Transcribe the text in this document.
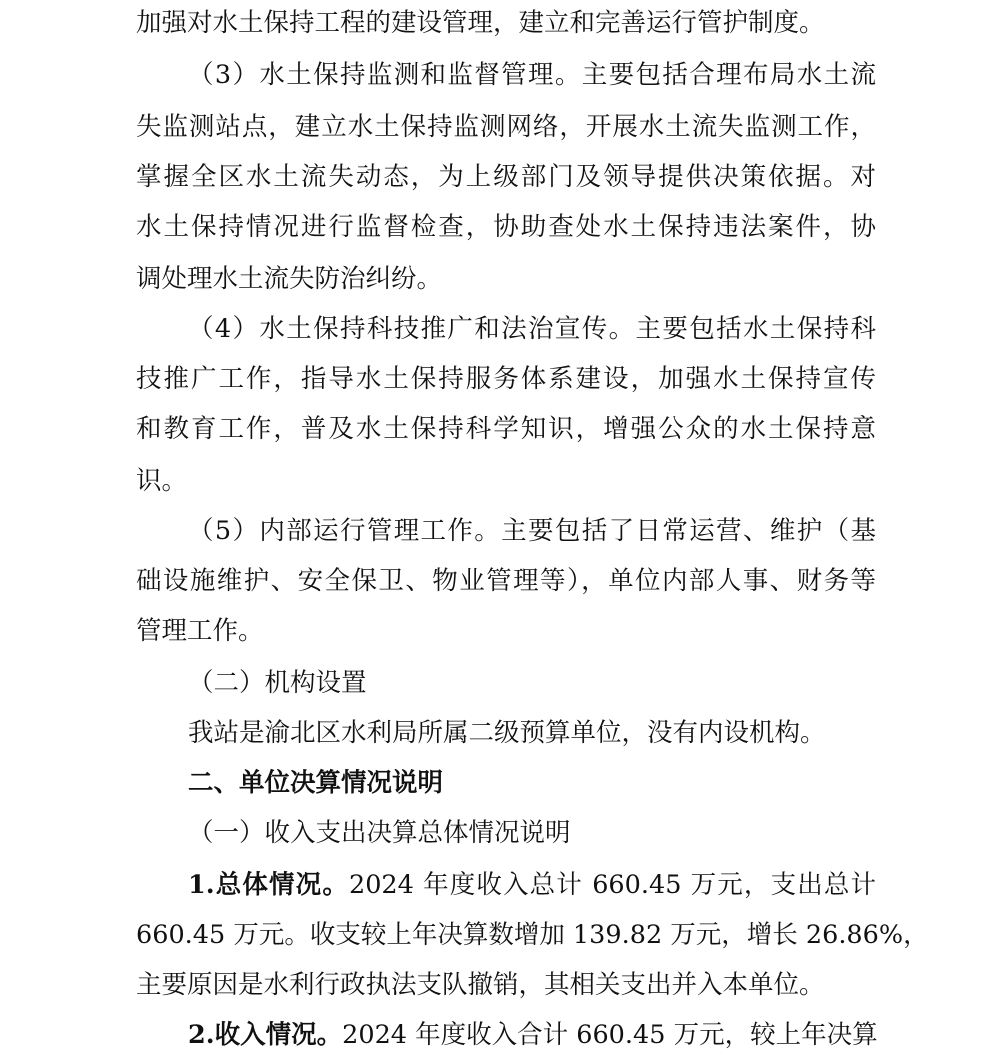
加强对水土保持工程的建设管理，建立和完善运行管护制度。
（3）水土保持监测和监督管理。主要包括合理布局水土流
失监测站点，建立水土保持监测网络，开展水土流失监测工作，
掌握全区水土流失动态，为上级部门及领导提供决策依据。对
水土保持情况进行监督检查，协助查处水土保持违法案件，协
调处理水土流失防治纠纷。
（4）水土保持科技推广和法治宣传。主要包括水土保持科
技推广工作，指导水土保持服务体系建设，加强水土保持宣传
和教育工作，普及水土保持科学知识，增强公众的水土保持意
识。
（5）内部运行管理工作。主要包括了日常运营、维护（基
础设施维护、安全保卫、物业管理等），单位内部人事、财务等
管理工作。
（二）机构设置
我站是渝北区水利局所属二级预算单位，没有内设机构。
二、单位决算情况说明
（一）收入支出决算总体情况说明
1.总体情况。2024 年度收入总计 660.45 万元，支出总计
660.45 万元。收支较上年决算数增加 139.82 万元，增长 26.86%，
主要原因是水利行政执法支队撤销，其相关支出并入本单位。
2.收入情况。2024 年度收入合计 660.45 万元，较上年决算
